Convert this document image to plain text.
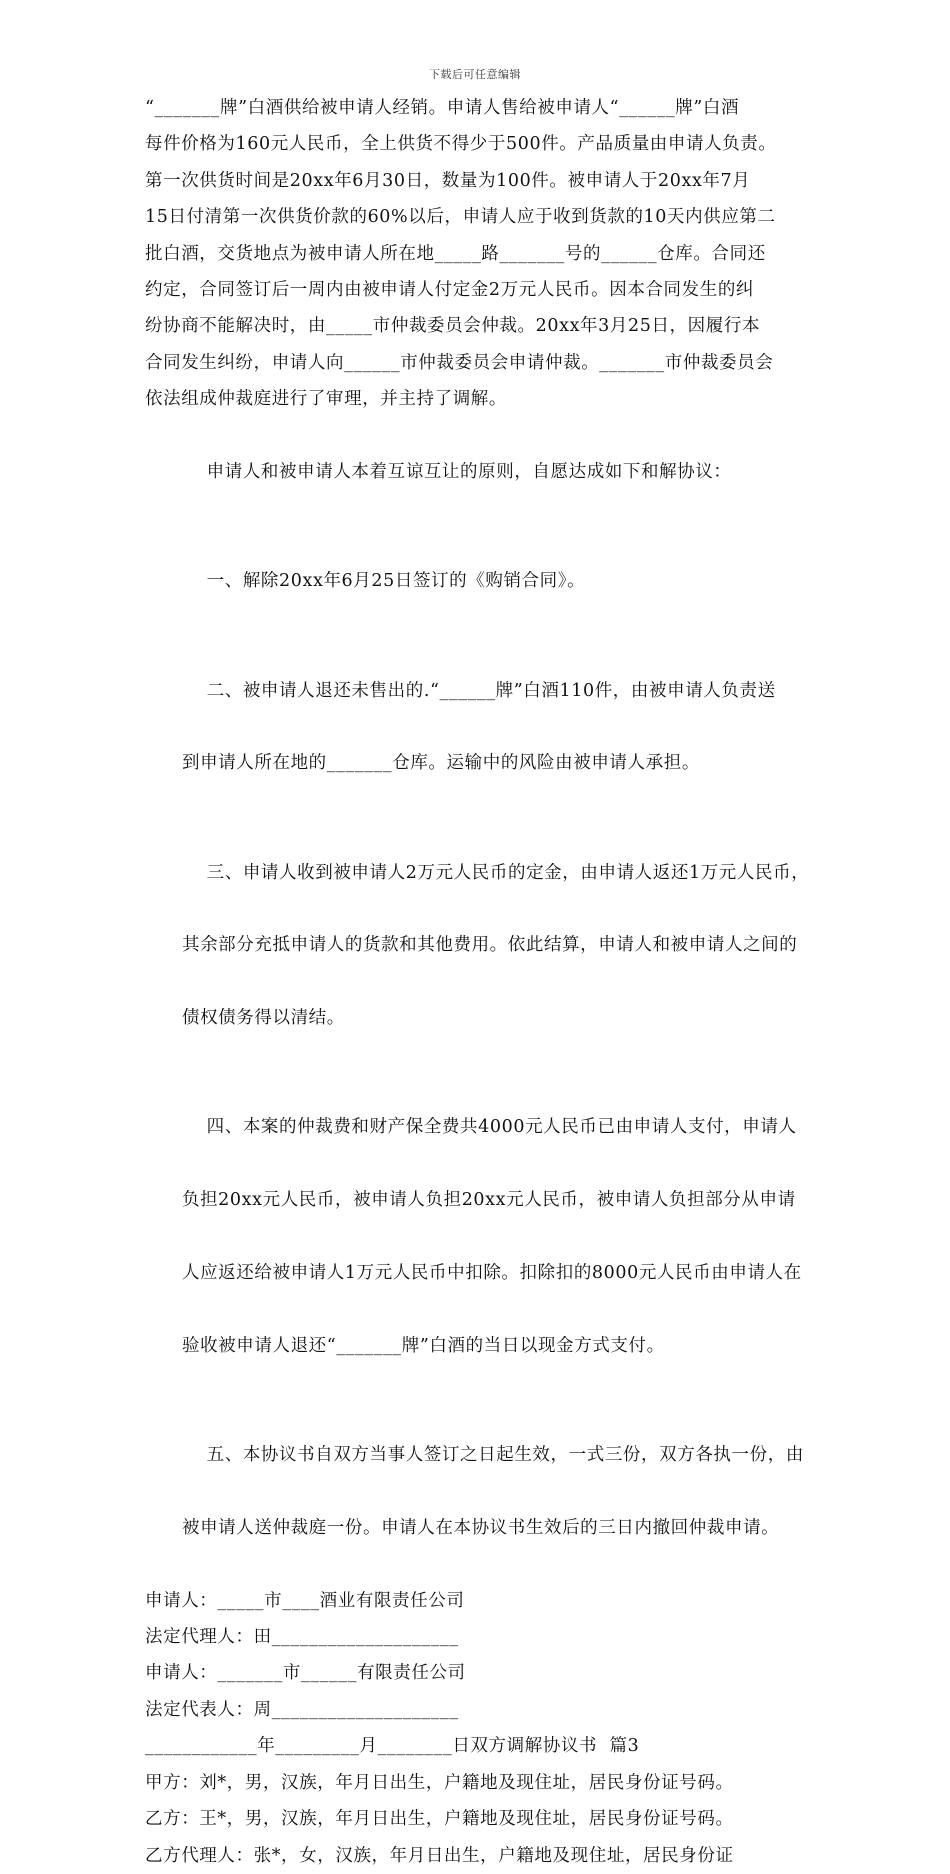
下载后可任意编辑

“_______牌”白酒供给被申请人经销。申请人售给被申请人“______牌”白酒
每件价格为160元人民币，全上供货不得少于500件。产品质量由申请人负责。
第一次供货时间是20xx年6月30日，数量为100件。被申请人于20xx年7月
15日付清第一次供货价款的60%以后，申请人应于收到货款的10天内供应第二
批白酒，交货地点为被申请人所在地_____路_______号的______仓库。合同还
约定，合同签订后一周内由被申请人付定金2万元人民币。因本合同发生的纠
纷协商不能解决时，由_____市仲裁委员会仲裁。20xx年3月25日，因履行本
合同发生纠纷，申请人向______市仲裁委员会申请仲裁。_______市仲裁委员会
依法组成仲裁庭进行了审理，并主持了调解。

申请人和被申请人本着互谅互让的原则，自愿达成如下和解协议：

一、解除20xx年6月25日签订的《购销合同》。

二、被申请人退还未售出的.“______牌”白酒110件，由被申请人负责送

到申请人所在地的_______仓库。运输中的风险由被申请人承担。

三、申请人收到被申请人2万元人民币的定金，由申请人返还1万元人民币，

其余部分充抵申请人的货款和其他费用。依此结算，申请人和被申请人之间的

债权债务得以清结。

四、本案的仲裁费和财产保全费共4000元人民币已由申请人支付，申请人

负担20xx元人民币，被申请人负担20xx元人民币，被申请人负担部分从申请

人应返还给被申请人1万元人民币中扣除。扣除扣的8000元人民币由申请人在

验收被申请人退还“_______牌”白酒的当日以现金方式支付。

五、本协议书自双方当事人签订之日起生效，一式三份，双方各执一份，由

被申请人送仲裁庭一份。申请人在本协议书生效后的三日内撤回仲裁申请。

申请人：_____市____酒业有限责任公司

法定代理人：田____________________

申请人：_______市______有限责任公司

法定代表人：周____________________

____________年_________月________日双方调解协议书  篇3

甲方：刘*，男，汉族，年月日出生，户籍地及现住址，居民身份证号码。

乙方：王*，男，汉族，年月日出生，户籍地及现住址，居民身份证号码。

乙方代理人：张*，女，汉族，年月日出生，户籍地及现住址，居民身份证
